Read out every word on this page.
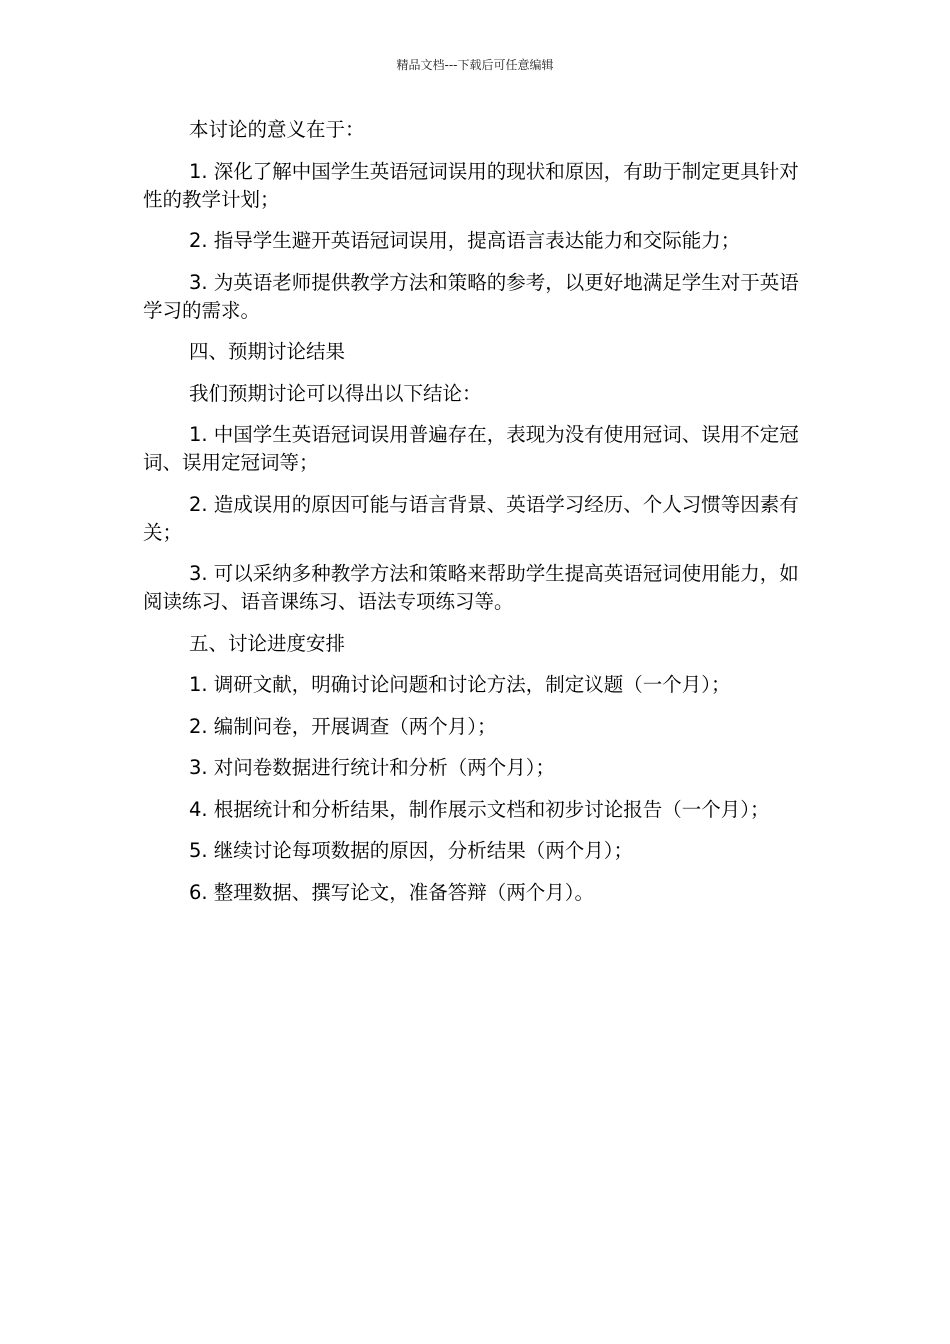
精品文档---下载后可任意编辑

本讨论的意义在于：

1. 深化了解中国学生英语冠词误用的现状和原因，有助于制定更具针对性的教学计划；

2. 指导学生避开英语冠词误用，提高语言表达能力和交际能力；

3. 为英语老师提供教学方法和策略的参考，以更好地满足学生对于英语学习的需求。

四、预期讨论结果

我们预期讨论可以得出以下结论：

1. 中国学生英语冠词误用普遍存在，表现为没有使用冠词、误用不定冠词、误用定冠词等；

2. 造成误用的原因可能与语言背景、英语学习经历、个人习惯等因素有关；

3. 可以采纳多种教学方法和策略来帮助学生提高英语冠词使用能力，如阅读练习、语音课练习、语法专项练习等。

五、讨论进度安排

1. 调研文献，明确讨论问题和讨论方法，制定议题（一个月）；

2. 编制问卷，开展调查（两个月）；

3. 对问卷数据进行统计和分析（两个月）；

4. 根据统计和分析结果，制作展示文档和初步讨论报告（一个月）；

5. 继续讨论每项数据的原因，分析结果（两个月）；

6. 整理数据、撰写论文，准备答辩（两个月）。
